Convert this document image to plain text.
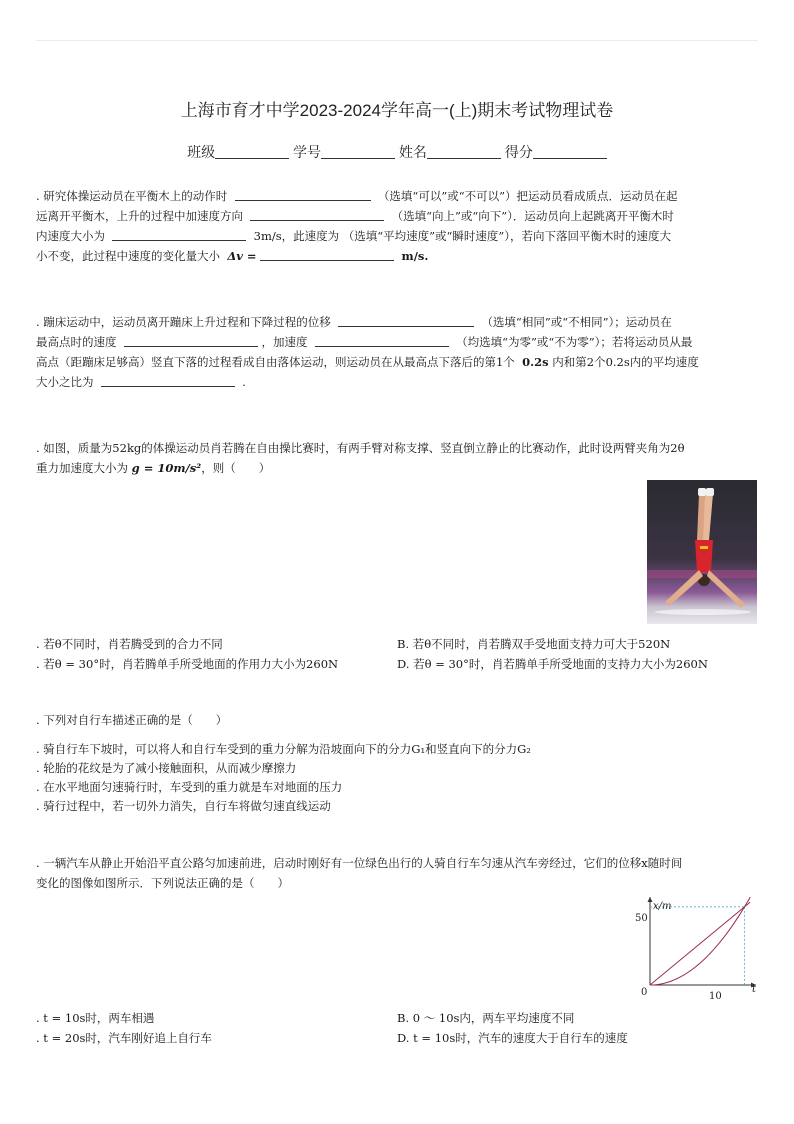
上海市育才中学2023-2024学年高一(上)期末考试物理试卷
班级	学号	姓名	得分
. 研究体操运动员在平衡木上的动作时	（选填“可以”或“不可以”）把运动员看成质点．运动员在起
远离开平衡木，上升的过程中加速度方向	（选填“向上”或“向下”）．运动员向上起跳离开平衡木时
内速度大小为	3m/s，此速度为 （选填“平均速度”或“瞬时速度”），若向下落回平衡木时的速度大
小不变，此过程中速度的变化量大小 Δv =	m/s.
. 蹦床运动中，运动员离开蹦床上升过程和下降过程的位移	（选填“相同”或“不相同”）；运动员在
最高点时的速度	，加速度	（均选填“为零”或“不为零”）；若将运动员从最
高点（距蹦床足够高）竖直下落的过程看成自由落体运动，则运动员在从最高点下落后的第1个 0.2s 内和第2个0.2s内的平均速度
大小之比为	.
. 如图，质量为52kg的体操运动员肖若腾在自由操比赛时，有两手臂对称支撑、竖直倒立静止的比赛动作，此时设两臂夹角为2θ
重力加速度大小为 g = 10m/s²，则（　　）
. 若θ不同时，肖若腾受到的合力不同	B. 若θ不同时，肖若腾双手受地面支持力可大于520N
. 若θ = 30°时，肖若腾单手所受地面的作用力大小为260N	D. 若θ = 30°时，肖若腾单手所受地面的支持力大小为260N
. 下列对自行车描述正确的是（　　）
. 骑自行车下坡时，可以将人和自行车受到的重力分解为沿坡面向下的分力G₁和竖直向下的分力G₂
. 轮胎的花纹是为了减小接触面积，从而减少摩擦力
. 在水平地面匀速骑行时，车受到的重力就是车对地面的压力
. 骑行过程中，若一切外力消失，自行车将做匀速直线运动
. 一辆汽车从静止开始沿平直公路匀加速前进，启动时刚好有一位绿色出行的人骑自行车匀速从汽车旁经过，它们的位移x随时间
变化的图像如图所示．下列说法正确的是（　　）
x/m
t
0
50
10
. t = 10s时，两车相遇	B. 0 ～ 10s内，两车平均速度不同
. t = 20s时，汽车刚好追上自行车	D. t = 10s时，汽车的速度大于自行车的速度
